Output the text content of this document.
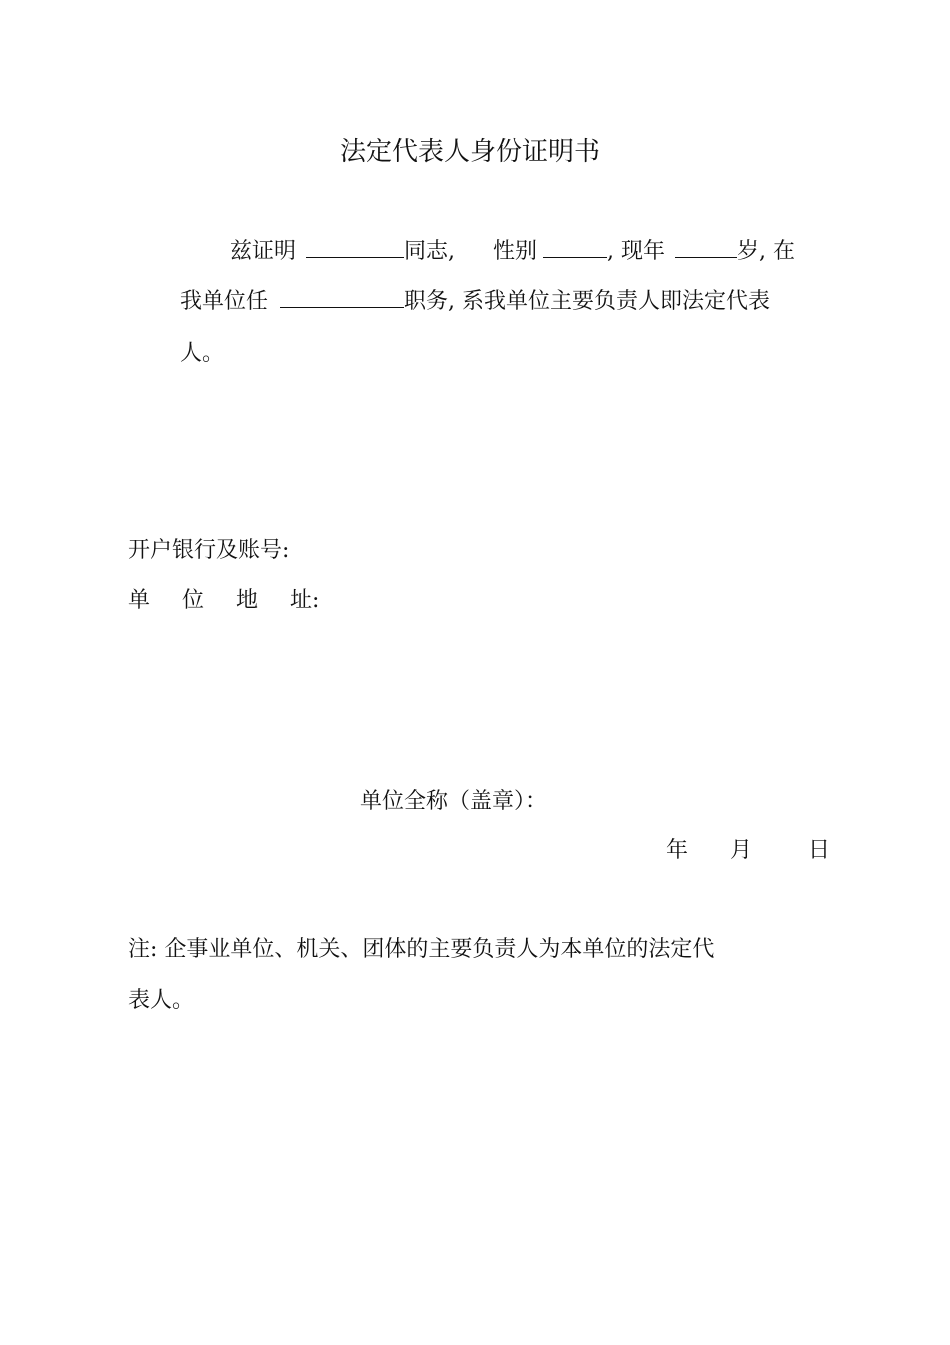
法定代表人身份证明书
兹证明	同志, 性别	, 现年	岁, 在
我单位任	职务, 系我单位主要负责人即法定代表
人。
开户银行及账号:
单 位 地 址:
单位全称（盖章）：
年 月	日
注: 企事业单位、机关、团体的主要负责人为本单位的法定代
表人。
